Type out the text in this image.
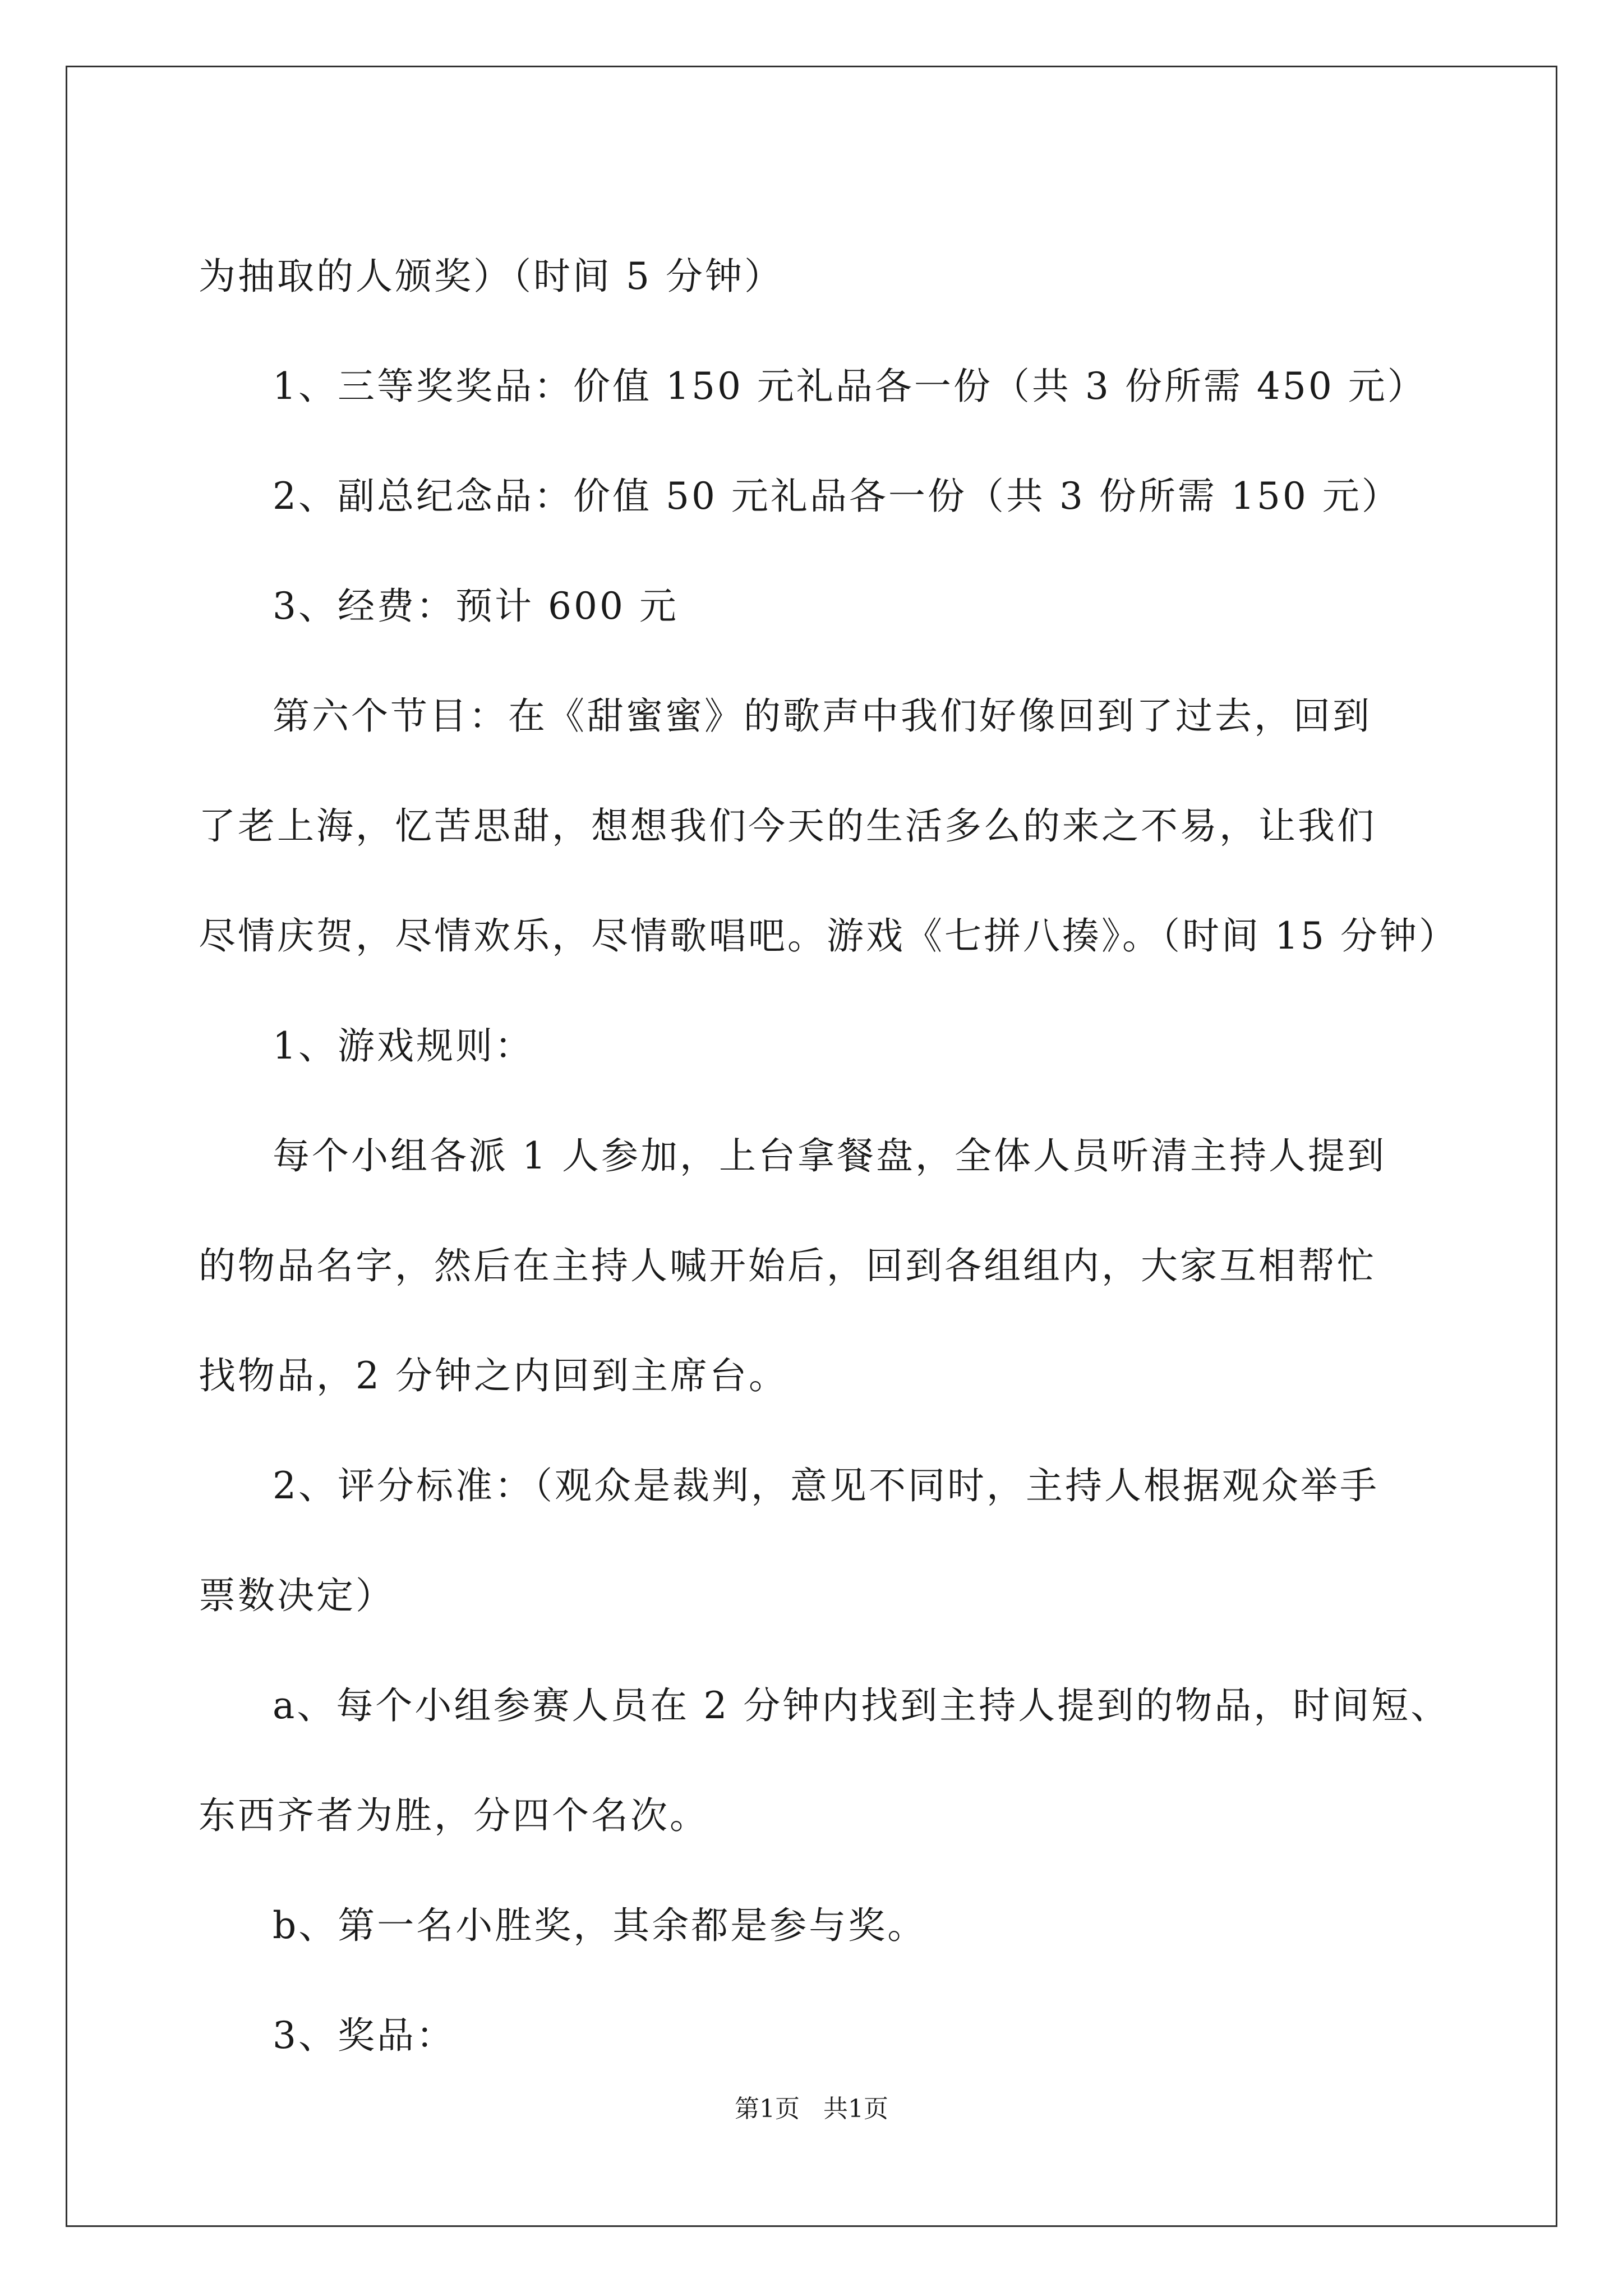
为抽取的人颁奖）（时间 5 分钟）
1、三等奖奖品：价值 150 元礼品各一份（共 3 份所需 450 元）
2、副总纪念品：价值 50 元礼品各一份（共 3 份所需 150 元）
3、经费：预计 600 元
第六个节目：在《甜蜜蜜》的歌声中我们好像回到了过去，回到
了老上海，忆苦思甜，想想我们今天的生活多么的来之不易，让我们
尽情庆贺，尽情欢乐，尽情歌唱吧。游戏《七拼八揍》。（时间 15 分钟）
1、游戏规则：
每个小组各派 1 人参加，上台拿餐盘，全体人员听清主持人提到
的物品名字，然后在主持人喊开始后，回到各组组内，大家互相帮忙
找物品，2 分钟之内回到主席台。
2、评分标准：（观众是裁判，意见不同时，主持人根据观众举手
票数决定）
a、每个小组参赛人员在 2 分钟内找到主持人提到的物品，时间短、
东西齐者为胜，分四个名次。
b、第一名小胜奖，其余都是参与奖。
3、奖品：
第1页   共1页
